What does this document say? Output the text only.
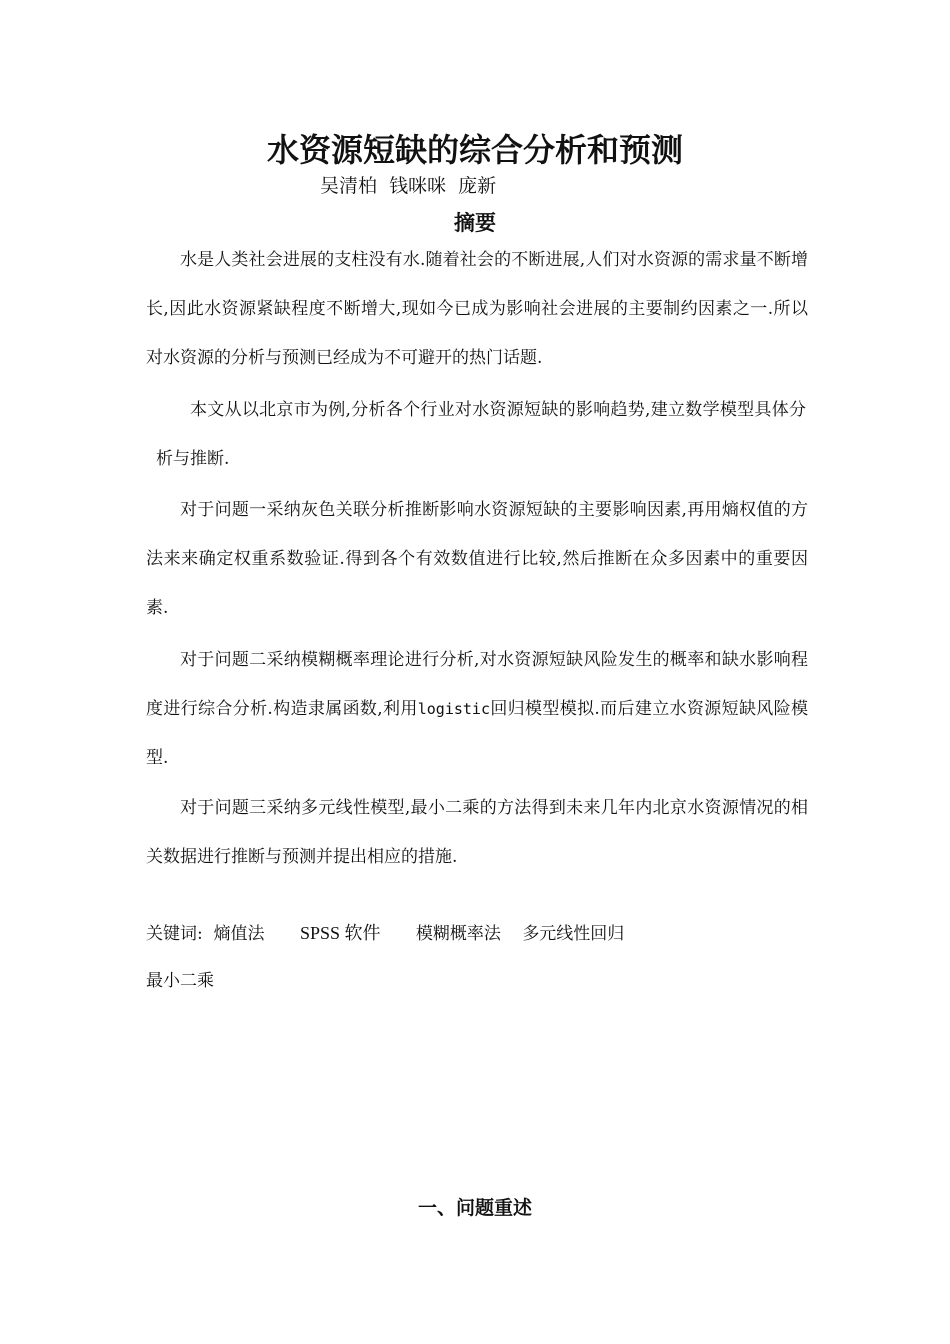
水资源短缺的综合分析和预测
吴清柏  钱咪咪  庞新
摘要

水是人类社会进展的支柱没有水.随着社会的不断进展,人们对水资源的需求量不断增长,因此水资源紧缺程度不断增大,现如今已成为影响社会进展的主要制约因素之一.所以对水资源的分析与预测已经成为不可避开的热门话题.

本文从以北京市为例,分析各个行业对水资源短缺的影响趋势,建立数学模型具体分析与推断.

对于问题一采纳灰色关联分析推断影响水资源短缺的主要影响因素,再用熵权值的方法来来确定权重系数验证.得到各个有效数值进行比较,然后推断在众多因素中的重要因素.

对于问题二采纳模糊概率理论进行分析,对水资源短缺风险发生的概率和缺水影响程度进行综合分析.构造隶属函数,利用logistic回归模型模拟.而后建立水资源短缺风险模型.

对于问题三采纳多元线性模型,最小二乘的方法得到未来几年内北京水资源情况的相关数据进行推断与预测并提出相应的措施.

关键词: 熵值法 SPSS 软件 模糊概率法 多元线性回归
最小二乘
一、问题重述
